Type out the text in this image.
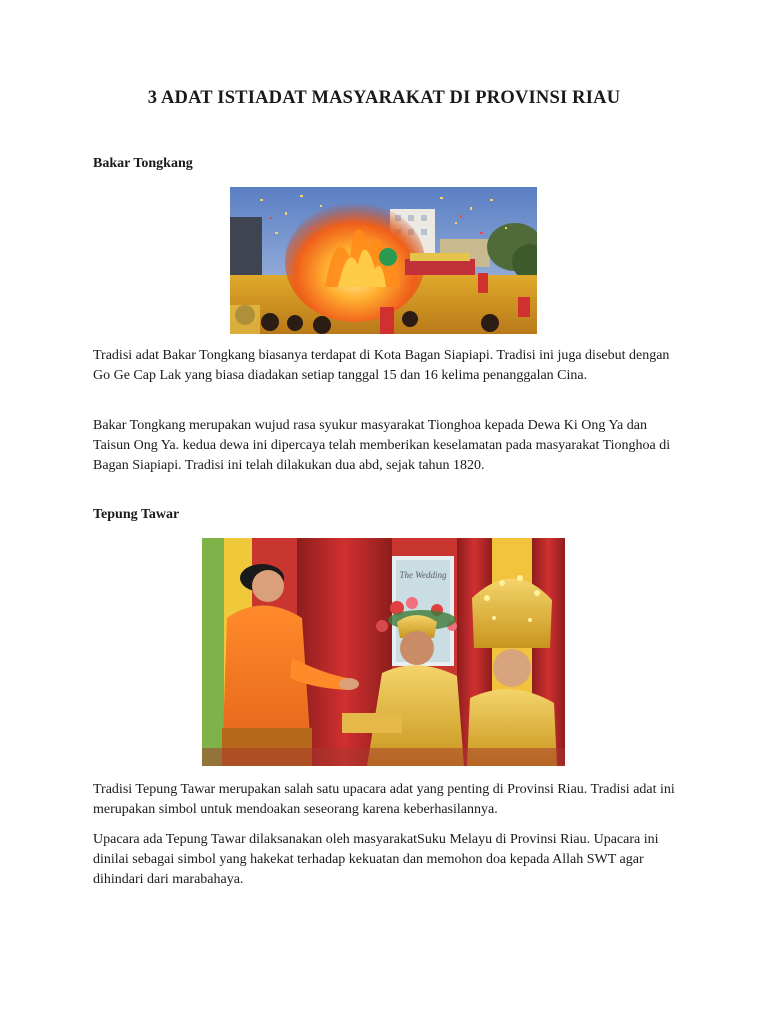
3 ADAT ISTIADAT MASYARAKAT DI PROVINSI RIAU
Bakar Tongkang

Tradisi adat Bakar Tongkang biasanya terdapat di Kota Bagan Siapiapi. Tradisi ini juga disebut dengan Go Ge Cap Lak yang biasa diadakan setiap tanggal 15 dan 16 kelima penanggalan Cina.

Bakar Tongkang merupakan wujud rasa syukur masyarakat Tionghoa kepada Dewa Ki Ong Ya dan Taisun Ong Ya. kedua dewa ini dipercaya telah memberikan keselamatan pada masyarakat Tionghoa di Bagan Siapiapi. Tradisi ini telah dilakukan dua abd, sejak tahun 1820.

Tepung Tawar
The Wedding

Tradisi Tepung Tawar merupakan salah satu upacara adat yang penting di Provinsi Riau. Tradisi adat ini merupakan simbol untuk mendoakan seseorang karena keberhasilannya.

Upacara ada Tepung Tawar dilaksanakan oleh masyarakatSuku Melayu di Provinsi Riau. Upacara ini dinilai sebagai simbol yang hakekat terhadap kekuatan dan memohon doa kepada Allah SWT agar dihindari dari marabahaya.
